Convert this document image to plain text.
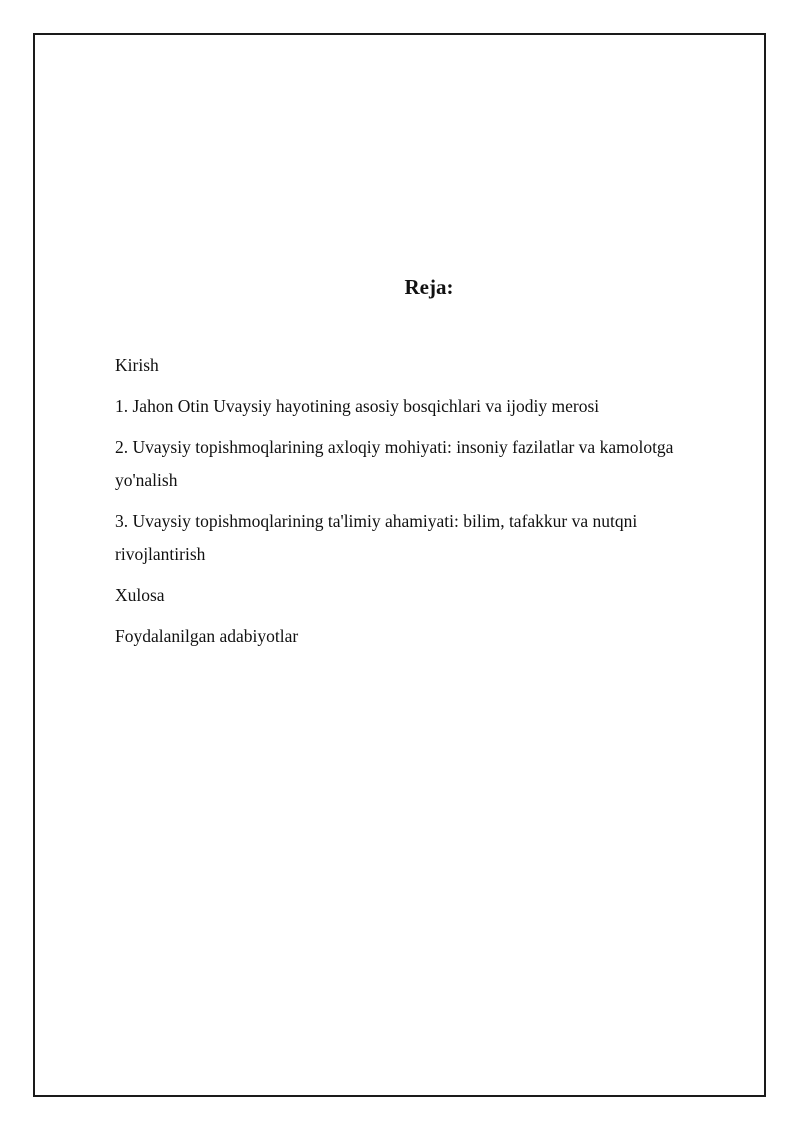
Reja:
Kirish
1. Jahon Otin Uvaysiy hayotining asosiy bosqichlari va ijodiy merosi
2. Uvaysiy topishmoqlarining axloqiy mohiyati: insoniy fazilatlar va kamolotga yo'nalish
3. Uvaysiy topishmoqlarining ta'limiy ahamiyati: bilim, tafakkur va nutqni rivojlantirish
Xulosa
Foydalanilgan adabiyotlar
